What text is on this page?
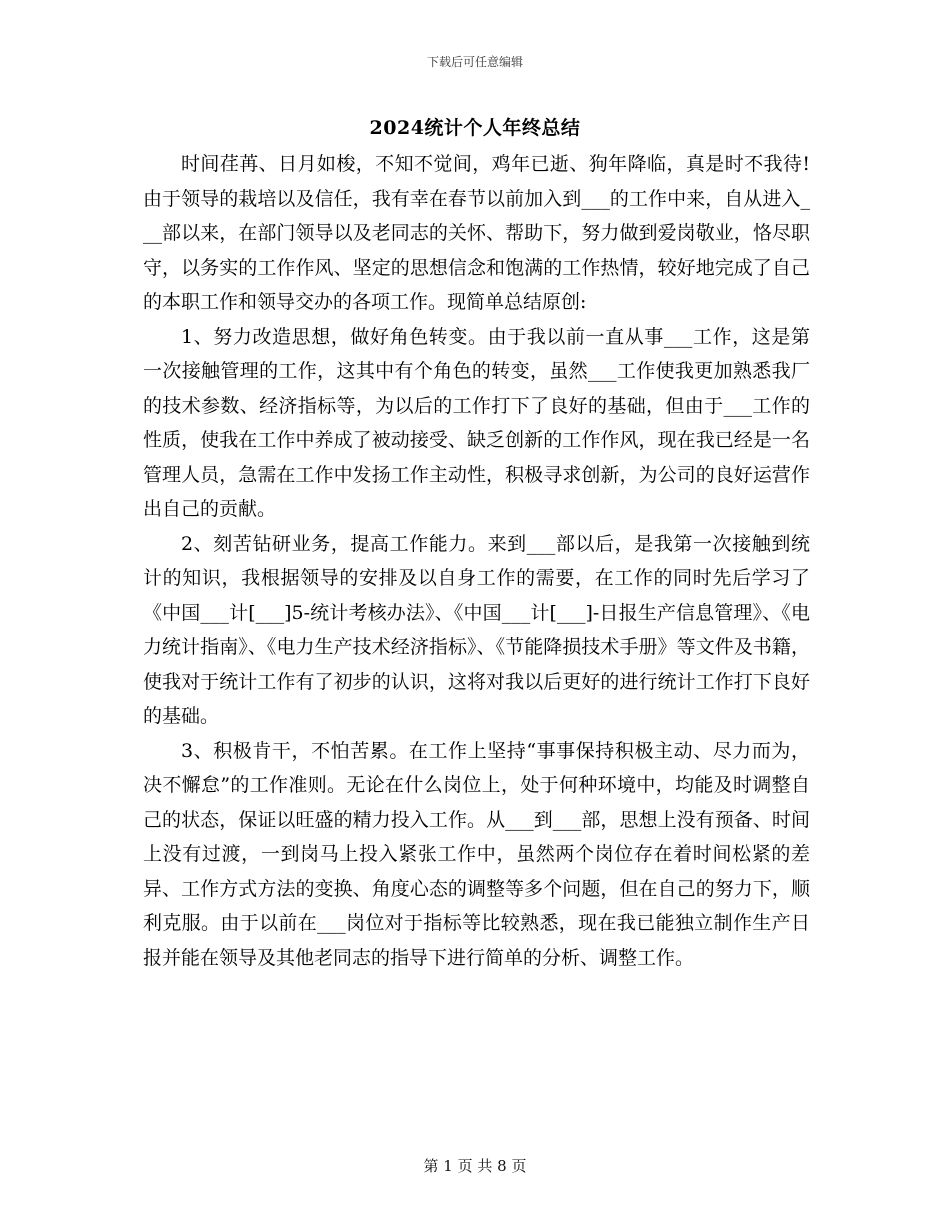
下载后可任意编辑
2024统计个人年终总结

时间荏苒、日月如梭，不知不觉间，鸡年已逝、狗年降临，真是时不我待!由于领导的栽培以及信任，我有幸在春节以前加入到___的工作中来，自从进入___部以来，在部门领导以及老同志的关怀、帮助下，努力做到爱岗敬业，恪尽职守，以务实的工作作风、坚定的思想信念和饱满的工作热情，较好地完成了自己的本职工作和领导交办的各项工作。现简单总结原创:

1、努力改造思想，做好角色转变。由于我以前一直从事___工作，这是第一次接触管理的工作，这其中有个角色的转变，虽然___工作使我更加熟悉我厂的技术参数、经济指标等，为以后的工作打下了良好的基础，但由于___工作的性质，使我在工作中养成了被动接受、缺乏创新的工作作风，现在我已经是一名管理人员，急需在工作中发扬工作主动性，积极寻求创新，为公司的良好运营作出自己的贡献。

2、刻苦钻研业务，提高工作能力。来到___部以后，是我第一次接触到统计的知识，我根据领导的安排及以自身工作的需要，在工作的同时先后学习了《中国___计[___]5-统计考核办法》、《中国___计[___]-日报生产信息管理》、《电力统计指南》、《电力生产技术经济指标》、《节能降损技术手册》等文件及书籍，使我对于统计工作有了初步的认识，这将对我以后更好的进行统计工作打下良好的基础。

3、积极肯干，不怕苦累。在工作上坚持“事事保持积极主动、尽力而为，决不懈怠”的工作准则。无论在什么岗位上，处于何种环境中，均能及时调整自己的状态，保证以旺盛的精力投入工作。从___到___部，思想上没有预备、时间上没有过渡，一到岗马上投入紧张工作中，虽然两个岗位存在着时间松紧的差异、工作方式方法的变换、角度心态的调整等多个问题，但在自己的努力下，顺利克服。由于以前在___岗位对于指标等比较熟悉，现在我已能独立制作生产日报并能在领导及其他老同志的指导下进行简单的分析、调整工作。

第 1 页 共 8 页
